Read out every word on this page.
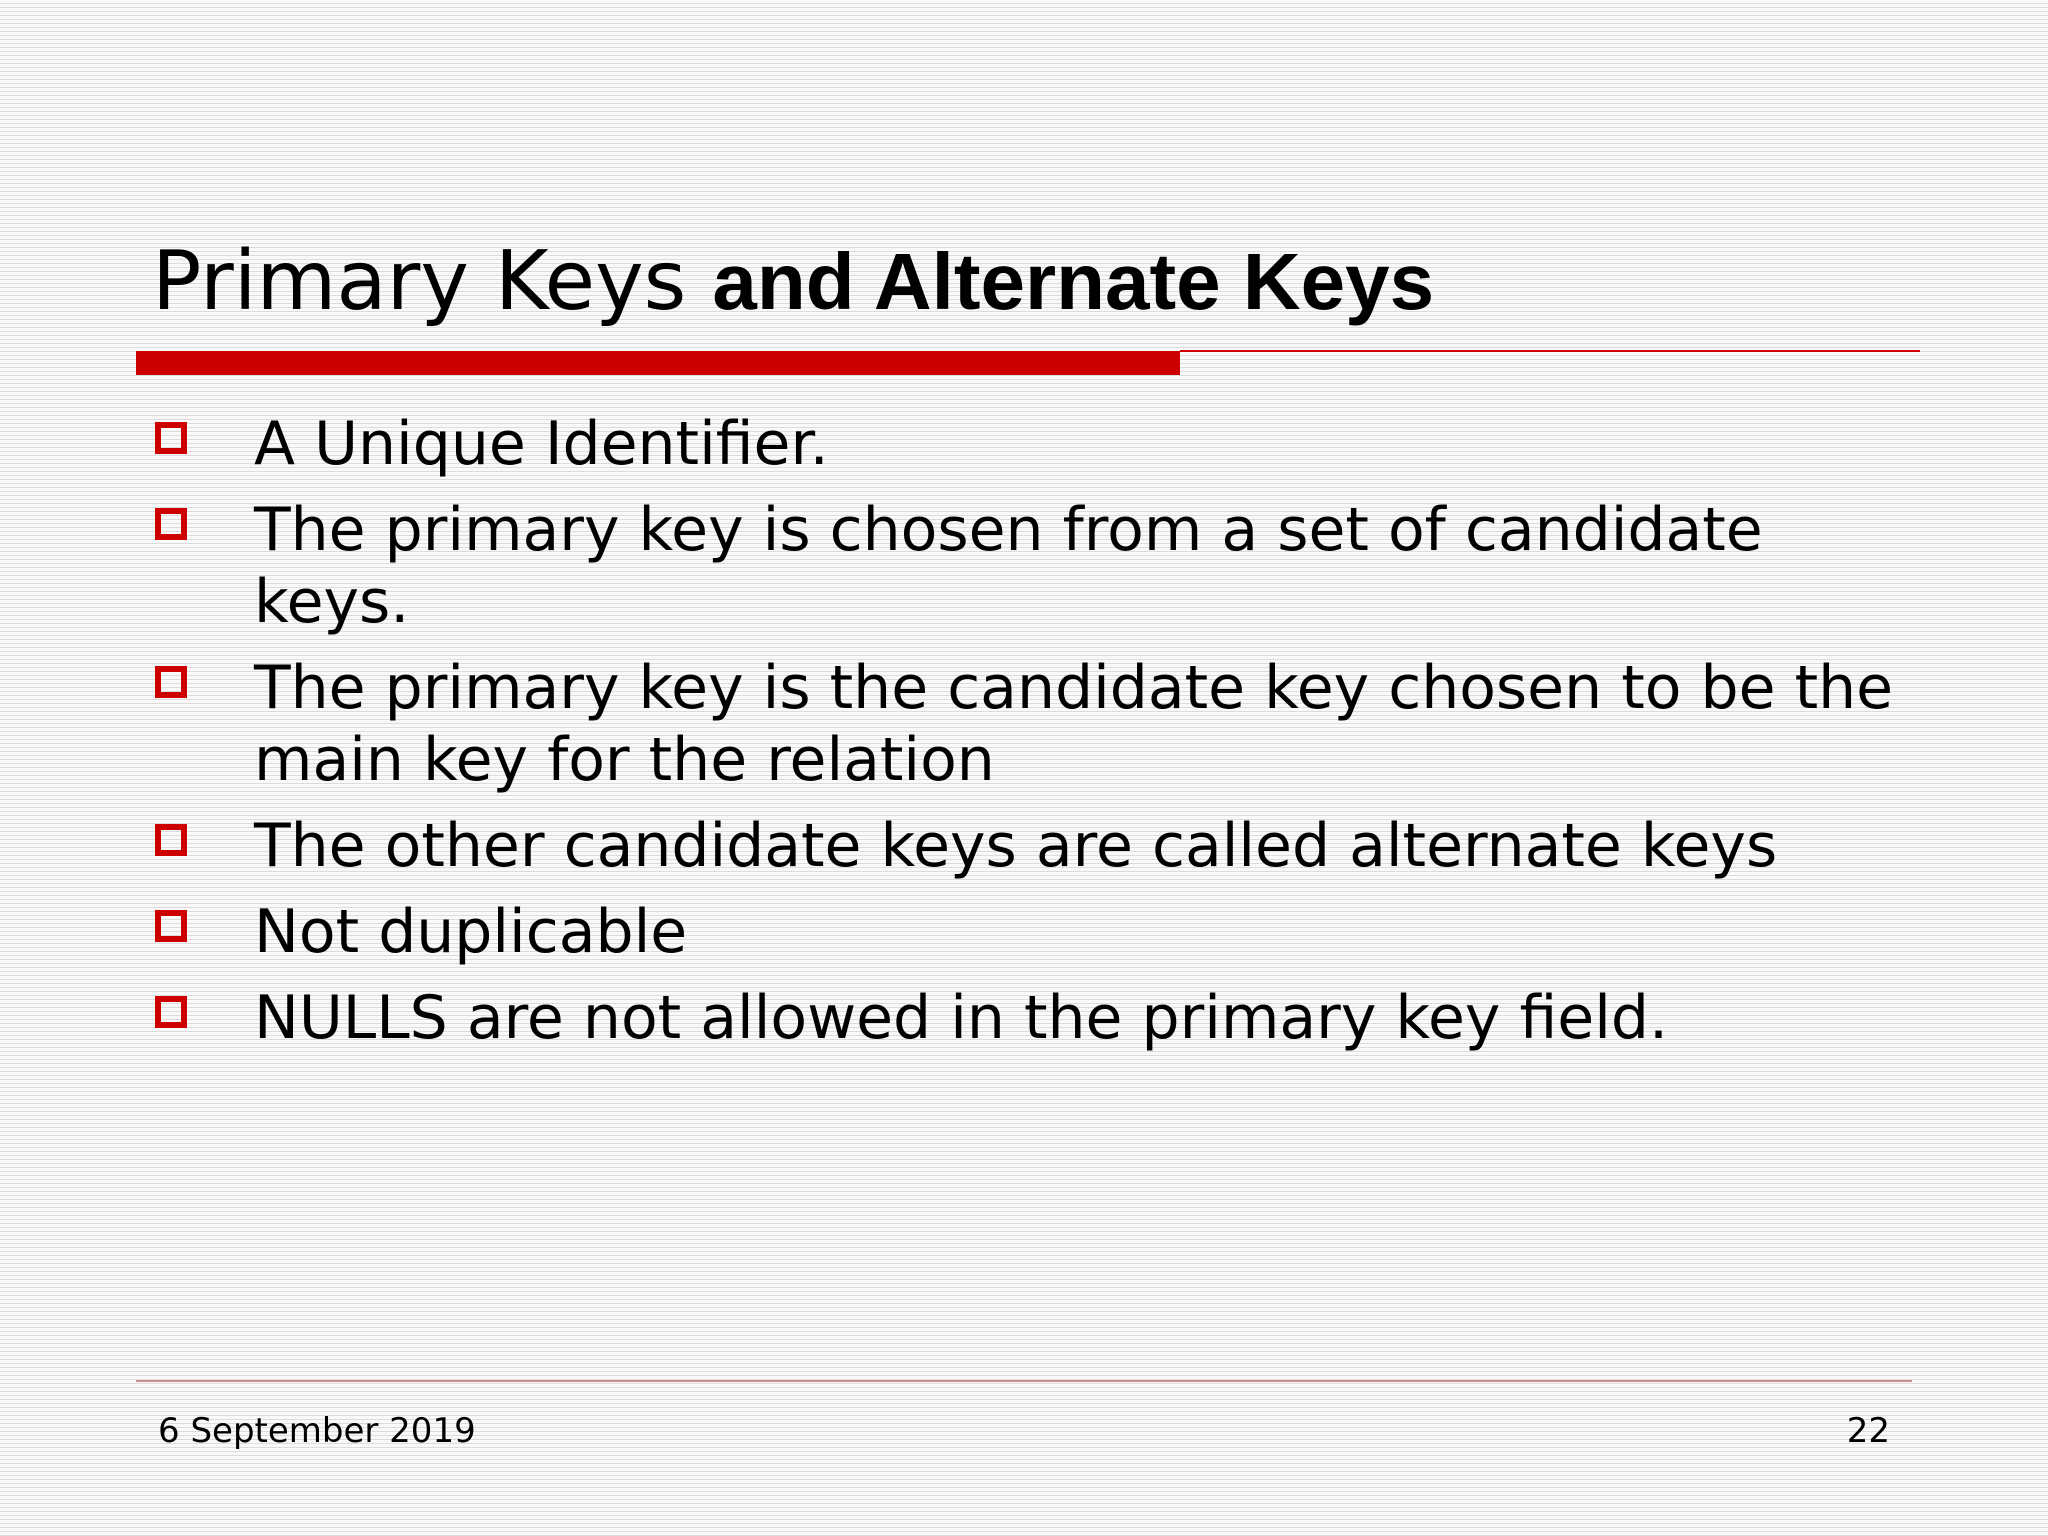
Primary Keys and Alternate Keys
A Unique Identifier.
The primary key is chosen from a set of candidate keys.
The primary key is the candidate key chosen to be the main key for the relation
The other candidate keys are called alternate keys
Not duplicable
NULLS are not allowed in the primary key field.
6 September 2019	22
